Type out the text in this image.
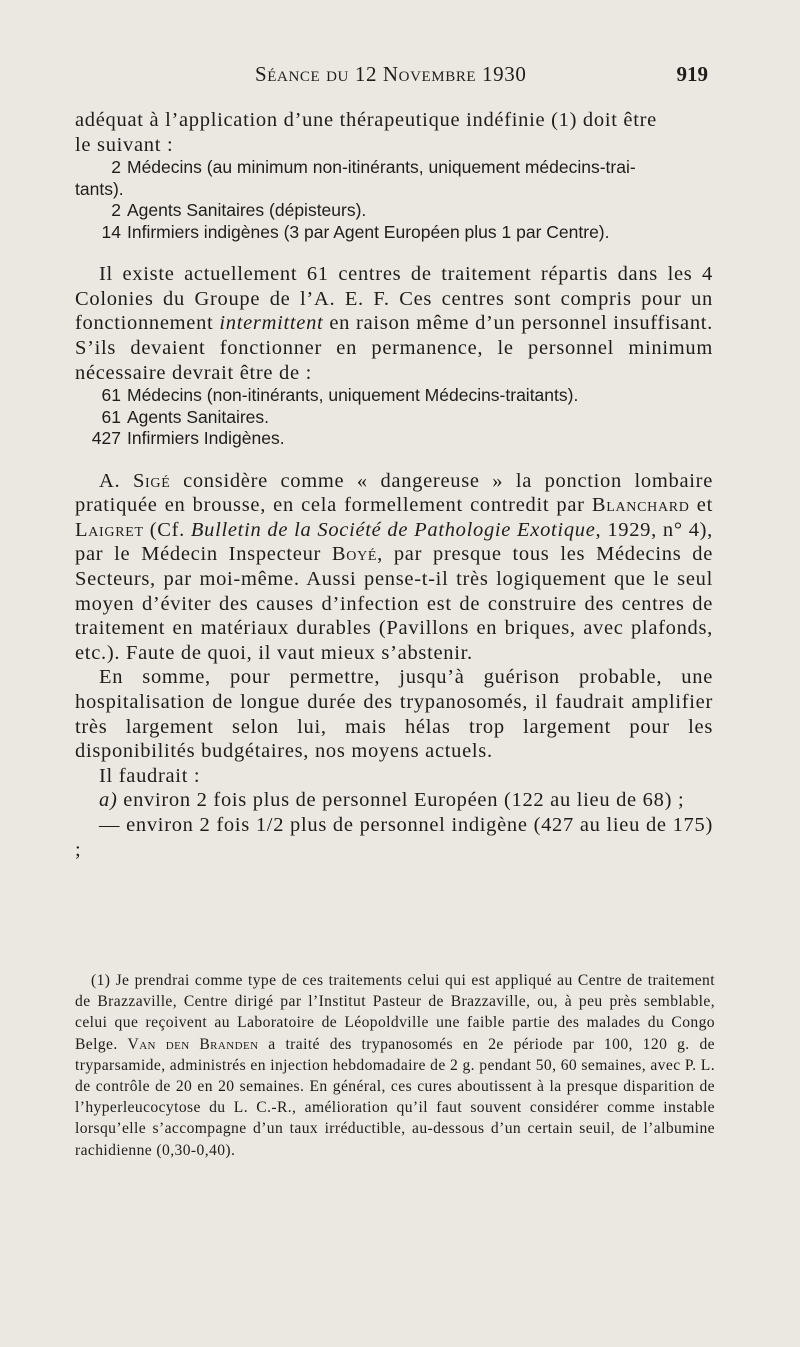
Séance du 12 Novembre 1930	919

adéquat à l’application d’une thérapeutique indéfinie (1) doit être
le suivant :

2 Médecins (au minimum non-itinérants, uniquement médecins-trai-
tants).
2 Agents Sanitaires (dépisteurs).
14 Infirmiers indigènes (3 par Agent Européen plus 1 par Centre).

Il existe actuellement 61 centres de traitement répartis dans les 4 Colonies du Groupe de l’A. E. F. Ces centres sont compris pour un fonctionnement intermittent en raison même d’un personnel insuffisant. S’ils devaient fonctionner en permanence, le personnel minimum nécessaire devrait être de :

61 Médecins (non-itinérants, uniquement Médecins-traitants).
61 Agents Sanitaires.
427 Infirmiers Indigènes.

A. Sigé considère comme « dangereuse » la ponction lombaire pratiquée en brousse, en cela formellement contredit par Blanchard et Laigret (Cf. Bulletin de la Société de Pathologie Exotique, 1929, n° 4), par le Médecin Inspecteur Boyé, par presque tous les Médecins de Secteurs, par moi-même. Aussi pense-t-il très logiquement que le seul moyen d’éviter des causes d’infection est de construire des centres de traitement en matériaux durables (Pavillons en briques, avec plafonds, etc.). Faute de quoi, il vaut mieux s’abstenir.

En somme, pour permettre, jusqu’à guérison probable, une hospitalisation de longue durée des trypanosomés, il faudrait amplifier très largement selon lui, mais hélas trop largement pour les disponibilités budgétaires, nos moyens actuels.

Il faudrait :

a) environ 2 fois plus de personnel Européen (122 au lieu de 68) ;

— environ 2 fois 1/2 plus de personnel indigène (427 au lieu de 175) ;

(1) Je prendrai comme type de ces traitements celui qui est appliqué au Centre de traitement de Brazzaville, Centre dirigé par l’Institut Pasteur de Brazzaville, ou, à peu près semblable, celui que reçoivent au Laboratoire de Léopoldville une faible partie des malades du Congo Belge. Van den Branden a traité des trypanosomés en 2e période par 100, 120 g. de tryparsamide, administrés en injection hebdomadaire de 2 g. pendant 50, 60 semaines, avec P. L. de contrôle de 20 en 20 semaines. En général, ces cures aboutissent à la presque disparition de l’hyperleucocytose du L. C.-R., amélioration qu’il faut souvent considérer comme instable lorsqu’elle s’accompagne d’un taux irréductible, au-dessous d’un certain seuil, de l’albumine rachidienne (0,30-0,40).
